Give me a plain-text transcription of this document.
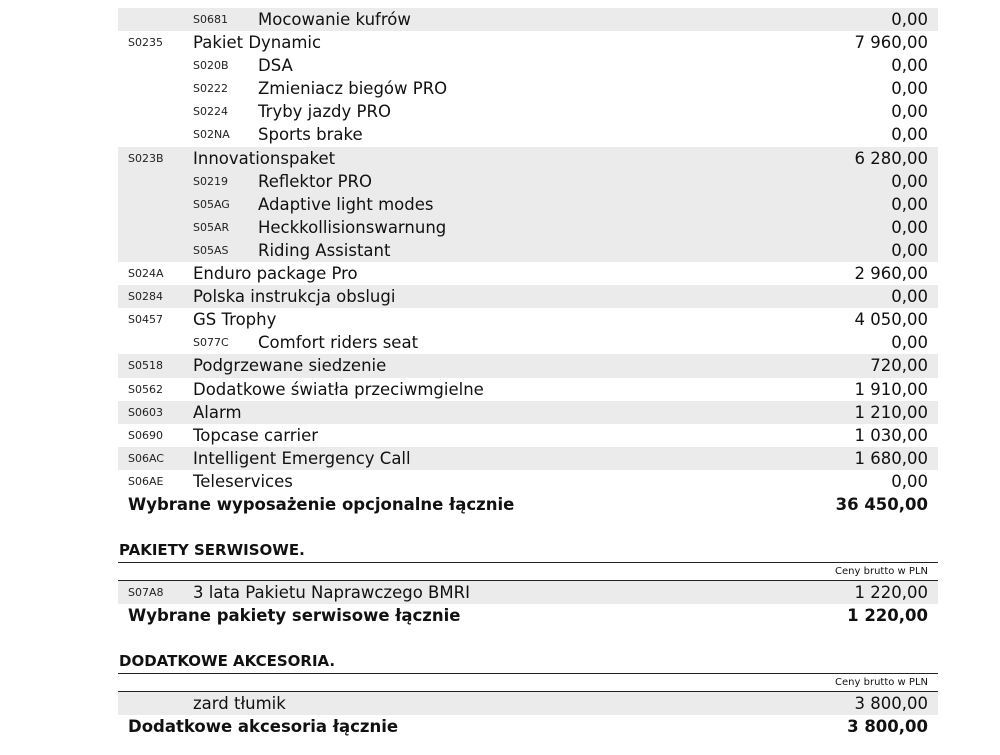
S0681 Mocowanie kufrów	0,00
S0235 Pakiet Dynamic	7 960,00
S020B DSA	0,00
S0222 Zmieniacz biegów PRO	0,00
S0224 Tryby jazdy PRO	0,00
S02NA Sports brake	0,00
S023B Innovationspaket	6 280,00
S0219 Reflektor PRO	0,00
S05AG Adaptive light modes	0,00
S05AR Heckkollisionswarnung	0,00
S05AS Riding Assistant	0,00
S024A Enduro package Pro	2 960,00
S0284 Polska instrukcja obslugi	0,00
S0457 GS Trophy	4 050,00
S077C Comfort riders seat	0,00
S0518 Podgrzewane siedzenie	720,00
S0562 Dodatkowe światła przeciwmgielne	1 910,00
S0603 Alarm	1 210,00
S0690 Topcase carrier	1 030,00
S06AC Intelligent Emergency Call	1 680,00
S06AE Teleservices	0,00
Wybrane wyposażenie opcjonalne łącznie	36 450,00
PAKIETY SERWISOWE.
Ceny brutto w PLN
S07A8 3 lata Pakietu Naprawczego BMRI	1 220,00
Wybrane pakiety serwisowe łącznie	1 220,00
DODATKOWE AKCESORIA.
Ceny brutto w PLN
zard tłumik	3 800,00
Dodatkowe akcesoria łącznie	3 800,00
